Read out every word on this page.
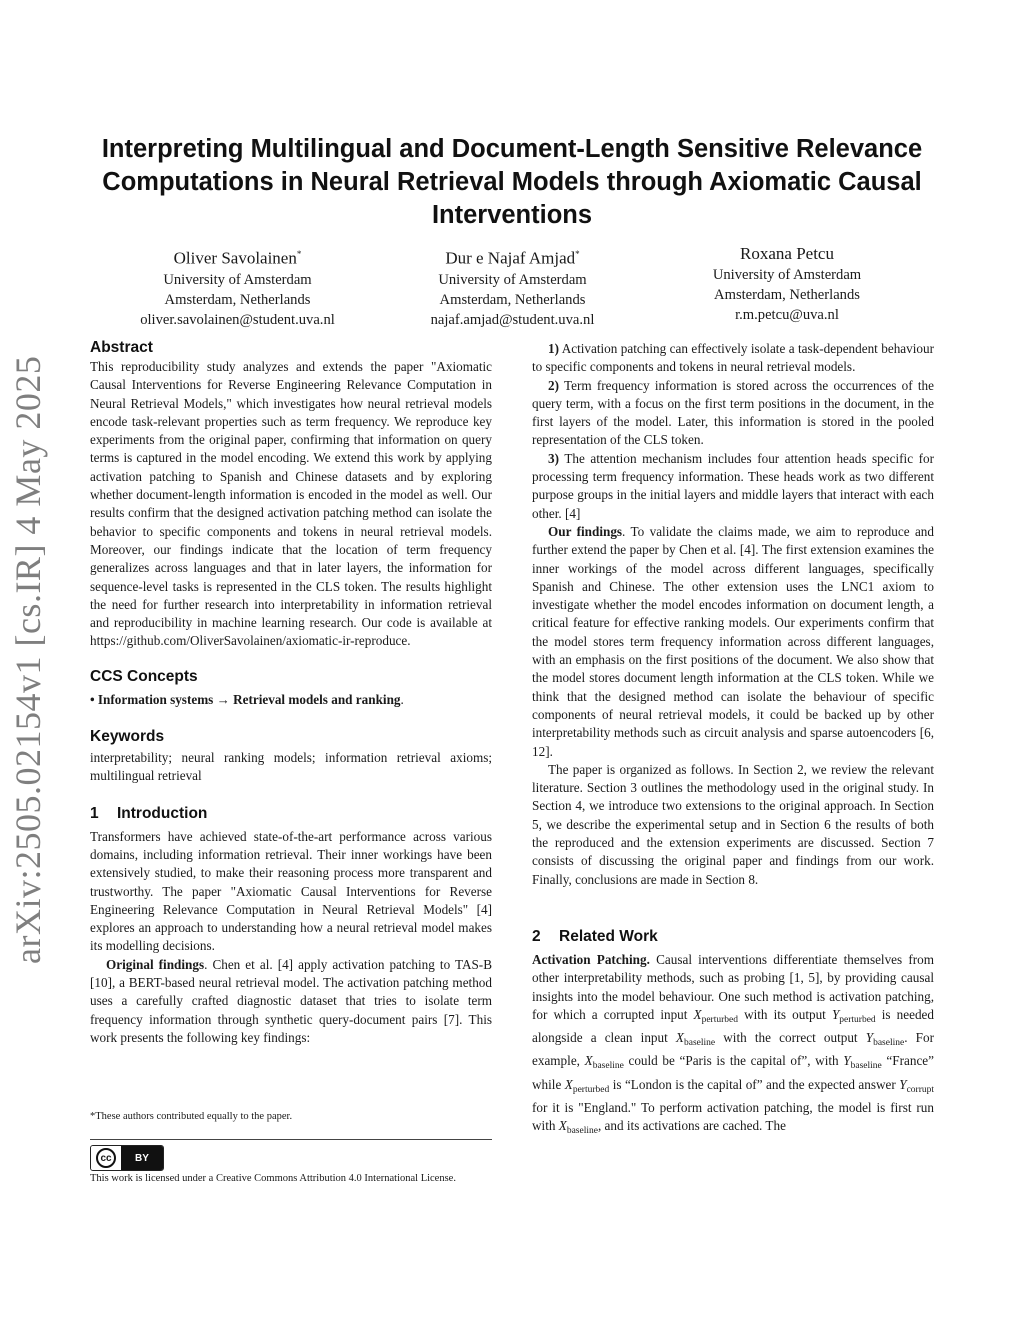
arXiv:2505.02154v1 [cs.IR] 4 May 2025
Interpreting Multilingual and Document-Length Sensitive Relevance Computations in Neural Retrieval Models through Axiomatic Causal Interventions
Oliver Savolainen*
University of Amsterdam
Amsterdam, Netherlands
oliver.savolainen@student.uva.nl
Dur e Najaf Amjad*
University of Amsterdam
Amsterdam, Netherlands
najaf.amjad@student.uva.nl
Roxana Petcu
University of Amsterdam
Amsterdam, Netherlands
r.m.petcu@uva.nl
Abstract

This reproducibility study analyzes and extends the paper "Axiomatic Causal Interventions for Reverse Engineering Relevance Computation in Neural Retrieval Models," which investigates how neural retrieval models encode task-relevant properties such as term frequency. We reproduce key experiments from the original paper, confirming that information on query terms is captured in the model encoding. We extend this work by applying activation patching to Spanish and Chinese datasets and by exploring whether document-length information is encoded in the model as well. Our results confirm that the designed activation patching method can isolate the behavior to specific components and tokens in neural retrieval models. Moreover, our findings indicate that the location of term frequency generalizes across languages and that in later layers, the information for sequence-level tasks is represented in the CLS token. The results highlight the need for further research into interpretability in information retrieval and reproducibility in machine learning research. Our code is available at https://github.com/OliverSavolainen/axiomatic-ir-reproduce.

CCS Concepts

• Information systems → Retrieval models and ranking.

Keywords

interpretability; neural ranking models; information retrieval axioms; multilingual retrieval

1 Introduction

Transformers have achieved state-of-the-art performance across various domains, including information retrieval. Their inner workings have been extensively studied, to make their reasoning process more transparent and trustworthy. The paper "Axiomatic Causal Interventions for Reverse Engineering Relevance Computation in Neural Retrieval Models" [4] explores an approach to understanding how a neural retrieval model makes its modelling decisions.

Original findings. Chen et al. [4] apply activation patching to TAS-B [10], a BERT-based neural retrieval model. The activation patching method uses a carefully crafted diagnostic dataset that tries to isolate term frequency information through synthetic query-document pairs [7]. This work presents the following key findings:

*These authors contributed equally to the paper.
cc	BY
This work is licensed under a Creative Commons Attribution 4.0 International License.

1) Activation patching can effectively isolate a task-dependent behaviour to specific components and tokens in neural retrieval models.

2) Term frequency information is stored across the occurrences of the query term, with a focus on the first term positions in the document, in the first layers of the model. Later, this information is stored in the pooled representation of the CLS token.

3) The attention mechanism includes four attention heads specific for processing term frequency information. These heads work as two different purpose groups in the initial layers and middle layers that interact with each other. [4]

Our findings. To validate the claims made, we aim to reproduce and further extend the paper by Chen et al. [4]. The first extension examines the inner workings of the model across different languages, specifically Spanish and Chinese. The other extension uses the LNC1 axiom to investigate whether the model encodes information on document length, a critical feature for effective ranking models. Our experiments confirm that the model stores term frequency information across different languages, with an emphasis on the first positions of the document. We also show that the model stores document length information at the CLS token. While we think that the designed method can isolate the behaviour of specific components of neural retrieval models, it could be backed up by other interpretability methods such as circuit analysis and sparse autoencoders [6, 12].

The paper is organized as follows. In Section 2, we review the relevant literature. Section 3 outlines the methodology used in the original study. In Section 4, we introduce two extensions to the original approach. In Section 5, we describe the experimental setup and in Section 6 the results of both the reproduced and the extension experiments are discussed. Section 7 consists of discussing the original paper and findings from our work. Finally, conclusions are made in Section 8.

2 Related Work

Activation Patching. Causal interventions differentiate themselves from other interpretability methods, such as probing [1, 5], by providing causal insights into the model behaviour. One such method is activation patching, for which a corrupted input $X_{perturbed}$ with its output $Y_{perturbed}$ is needed alongside a clean input $X_{baseline}$ with the correct output $Y_{baseline}$. For example, $X_{baseline}$ could be “Paris is the capital of”, with $Y_{baseline}$ “France” while $X_{perturbed}$ is “London is the capital of” and the expected answer $Y_{corrupt}$ for it is "England." To perform activation patching, the model is first run with $X_{baseline}$, and its activations are cached. The
